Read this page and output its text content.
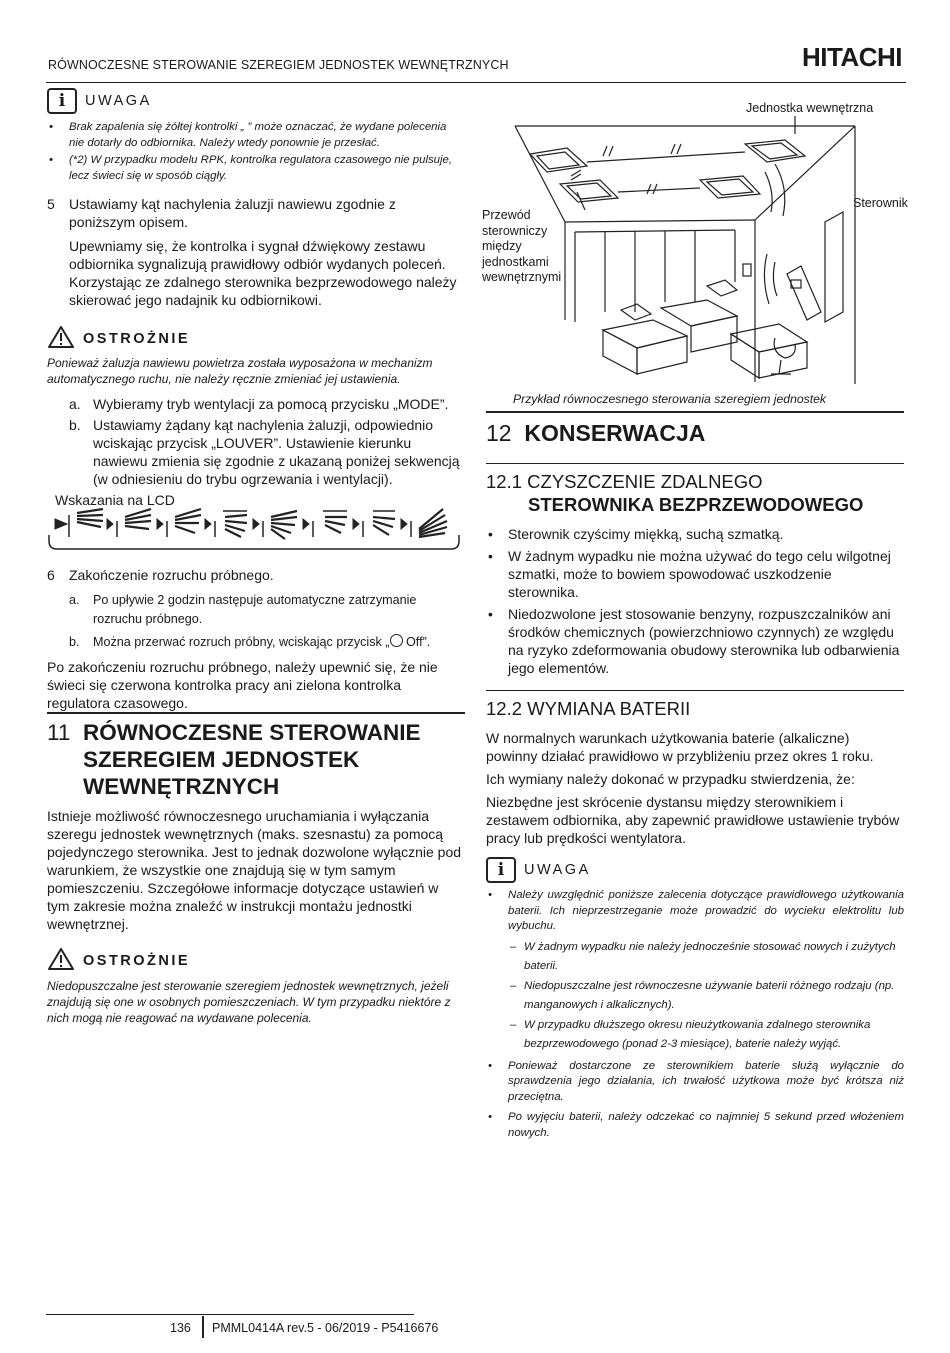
RÓWNOCZESNE STEROWANIE SZEREGIEM JEDNOSTEK WEWNĘTRZNYCH	HITACHI
i	UWAGA
• Brak zapalenia się żółtej kontrolki „ ” może oznaczać, że wydane polecenia nie dotarły do odbiornika. Należy wtedy ponownie je przesłać.
• (*2) W przypadku modelu RPK, kontrolka regulatora czasowego nie pulsuje, lecz świeci się w sposób ciągły.
5 Ustawiamy kąt nachylenia żaluzji nawiewu zgodnie z poniższym opisem.
Upewniamy się, że kontrolka i sygnał dźwiękowy zestawu odbiornika sygnalizują prawidłowy odbiór wydanych poleceń. Korzystając ze zdalnego sterownika bezprzewodowego należy skierować jego nadajnik ku odbiornikowi.
OSTROŻNIE
Ponieważ żaluzja nawiewu powietrza została wyposażona w mechanizm automatycznego ruchu, nie należy ręcznie zmieniać jej ustawienia.
a. Wybieramy tryb wentylacji za pomocą przycisku „MODE”.
b. Ustawiamy żądany kąt nachylenia żaluzji, odpowiednio wciskając przycisk „LOUVER”. Ustawienie kierunku nawiewu zmienia się zgodnie z ukazaną poniżej sekwencją (w odniesieniu do trybu ogrzewania i wentylacji).
Wskazania na LCD
6 Zakończenie rozruchu próbnego.
a. Po upływie 2 godzin następuje automatyczne zatrzymanie rozruchu próbnego.
b. Można przerwać rozruch próbny, wciskając przycisk „ Off”.
Po zakończeniu rozruchu próbnego, należy upewnić się, że nie świeci się czerwona kontrolka pracy ani zielona kontrolka regulatora czasowego.
11 RÓWNOCZESNE STEROWANIE
SZEREGIEM JEDNOSTEK
WEWNĘTRZNYCH
Istnieje możliwość równoczesnego uruchamiania i wyłączania szeregu jednostek wewnętrznych (maks. szesnastu) za pomocą pojedynczego sterownika. Jest to jednak dozwolone wyłącznie pod warunkiem, że wszystkie one znajdują się w tym samym pomieszczeniu. Szczegółowe informacje dotyczące ustawień w tym zakresie można znaleźć w instrukcji montażu jednostki wewnętrznej.
OSTROŻNIE
Niedopuszczalne jest sterowanie szeregiem jednostek wewnętrznych, jeżeli znajdują się one w osobnych pomieszczeniach. W tym przypadku niektóre z nich mogą nie reagować na wydawane polecenia.
Jednostka wewnętrzna
Sterownik
Przewód sterowniczy między jednostkami wewnętrznymi
Przykład równoczesnego sterowania szeregiem jednostek
12 KONSERWACJA
12.1 CZYSZCZENIE ZDALNEGO
STEROWNIKA BEZPRZEWODOWEGO
• Sterownik czyścimy miękką, suchą szmatką.
• W żadnym wypadku nie można używać do tego celu wilgotnej szmatki, może to bowiem spowodować uszkodzenie sterownika.
• Niedozwolone jest stosowanie benzyny, rozpuszczalników ani środków chemicznych (powierzchniowo czynnych) ze względu na ryzyko zdeformowania obudowy sterownika lub odbarwienia jego elementów.
12.2 WYMIANA BATERII
W normalnych warunkach użytkowania baterie (alkaliczne) powinny działać prawidłowo w przybliżeniu przez okres 1 roku.
Ich wymiany należy dokonać w przypadku stwierdzenia, że:
Niezbędne jest skrócenie dystansu między sterownikiem i zestawem odbiornika, aby zapewnić prawidłowe ustawienie trybów pracy lub prędkości wentylatora.
i	UWAGA
• Należy uwzględnić poniższe zalecenia dotyczące prawidłowego użytkowania baterii. Ich nieprzestrzeganie może prowadzić do wycieku elektrolitu lub wybuchu.
– W żadnym wypadku nie należy jednocześnie stosować nowych i zużytych baterii.
– Niedopuszczalne jest równoczesne używanie baterii różnego rodzaju (np. manganowych i alkalicznych).
– W przypadku dłuższego okresu nieużytkowania zdalnego sterownika bezprzewodowego (ponad 2-3 miesiące), baterie należy wyjąć.
• Ponieważ dostarczone ze sterownikiem baterie służą wyłącznie do sprawdzenia jego działania, ich trwałość użytkowa może być krótsza niż przeciętna.
• Po wyjęciu baterii, należy odczekać co najmniej 5 sekund przed włożeniem nowych.
136 PMML0414A rev.5 - 06/2019 - P5416676
